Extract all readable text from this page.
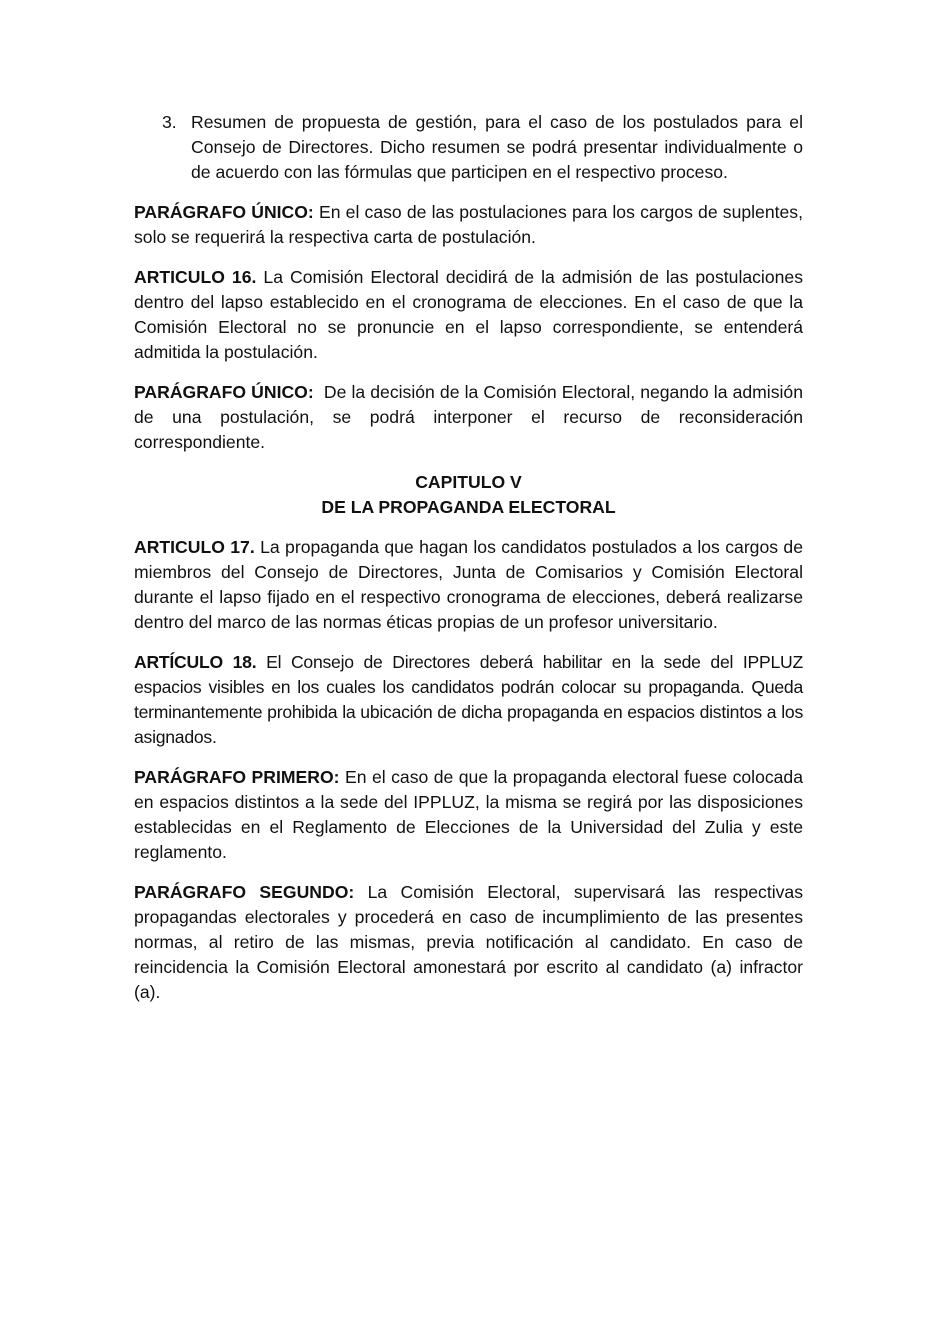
3. Resumen de propuesta de gestión, para el caso de los postulados para el Consejo de Directores. Dicho resumen se podrá presentar individualmente o de acuerdo con las fórmulas que participen en el respectivo proceso.

PARÁGRAFO ÚNICO: En el caso de las postulaciones para los cargos de suplentes, solo se requerirá la respectiva carta de postulación.

ARTICULO 16. La Comisión Electoral decidirá de la admisión de las postulaciones dentro del lapso establecido en el cronograma de elecciones. En el caso de que la Comisión Electoral no se pronuncie en el lapso correspondiente, se entenderá admitida la postulación.

PARÁGRAFO ÚNICO:  De la decisión de la Comisión Electoral, negando la admisión de una postulación, se podrá interponer el recurso de reconsideración correspondiente.

CAPITULO V
DE LA PROPAGANDA ELECTORAL

ARTICULO 17. La propaganda que hagan los candidatos postulados a los cargos de miembros del Consejo de Directores, Junta de Comisarios y Comisión Electoral durante el lapso fijado en el respectivo cronograma de elecciones, deberá realizarse dentro del marco de las normas éticas propias de un profesor universitario.

ARTÍCULO 18. El Consejo de Directores deberá habilitar en la sede del IPPLUZ espacios visibles en los cuales los candidatos podrán colocar su propaganda. Queda terminantemente prohibida la ubicación de dicha propaganda en espacios distintos a los asignados.

PARÁGRAFO PRIMERO: En el caso de que la propaganda electoral fuese colocada en espacios distintos a la sede del IPPLUZ, la misma se regirá por las disposiciones establecidas en el Reglamento de Elecciones de la Universidad del Zulia y este reglamento.

PARÁGRAFO SEGUNDO: La Comisión Electoral, supervisará las respectivas propagandas electorales y procederá en caso de incumplimiento de las presentes normas, al retiro de las mismas, previa notificación al candidato. En caso de reincidencia la Comisión Electoral amonestará por escrito al candidato (a) infractor (a).
